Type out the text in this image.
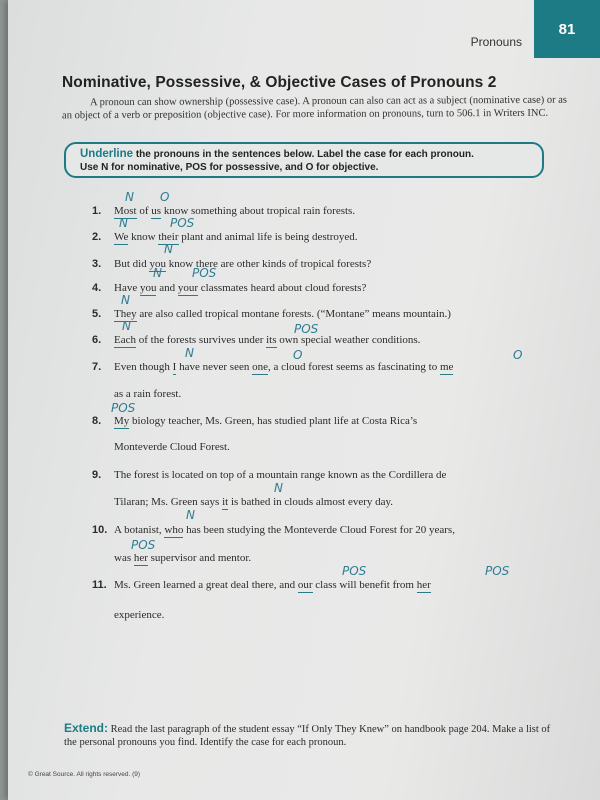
Pronouns
81
Nominative, Possessive, & Objective Cases of Pronouns 2

A pronoun can show ownership (possessive case). A pronoun can also can act as a subject (nominative case) or as an object of a verb or preposition (objective case). For more information on pronouns, turn to 506.1 in Writers INC.

Underline the pronouns in the sentences below. Label the case for each pronoun.
Use N for nominative, POS for possessive, and O for objective.
1. Most of us know something about tropical rain forests.
N O
2. We know their plant and animal life is being destroyed.
N	POS
3. But did you know there are other kinds of tropical forests?
N
4. Have you and your classmates heard about cloud forests?
N	POS
5. They are also called tropical montane forests. (“Montane” means mountain.)
N
6. Each of the forests survives under its own special weather conditions.
N	POS
7. Even though I have never seen one, a cloud forest seems as fascinating to me
as a rain forest.
N	O	O
8. My biology teacher, Ms. Green, has studied plant life at Costa Rica’s
Monteverde Cloud Forest.
POS
9. The forest is located on top of a mountain range known as the Cordillera de
Tilaran; Ms. Green says it is bathed in clouds almost every day.
N
10. A botanist, who has been studying the Monteverde Cloud Forest for 20 years,
was her supervisor and mentor.
N
POS
11. Ms. Green learned a great deal there, and our class will benefit from her
experience.
POS	POS

Extend: Read the last paragraph of the student essay “If Only They Knew” on handbook page 204. Make a list of the personal pronouns you find. Identify the case for each pronoun.

© Great Source. All rights reserved. (9)
